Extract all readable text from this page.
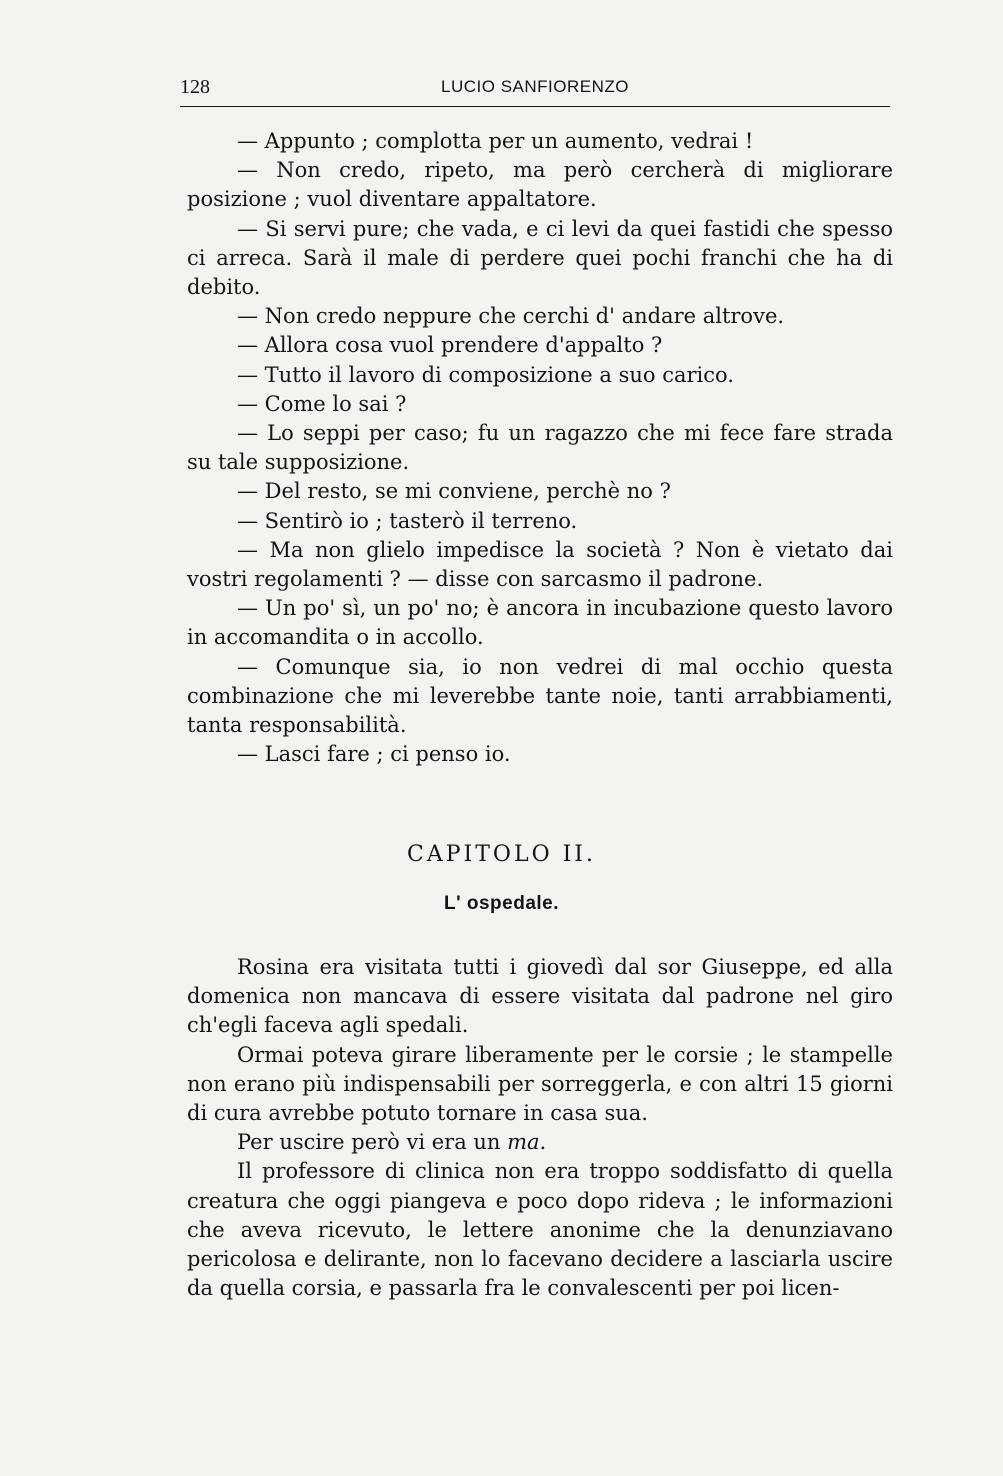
128	LUCIO SANFIORENZO

— Appunto ; complotta per un aumento, vedrai !

— Non credo, ripeto, ma però cercherà di migliorare posizione ; vuol diventare appaltatore.

— Si servi pure; che vada, e ci levi da quei fastidi che spesso ci arreca. Sarà il male di perdere quei pochi franchi che ha di debito.

— Non credo neppure che cerchi d' andare altrove.

— Allora cosa vuol prendere d'appalto ?

— Tutto il lavoro di composizione a suo carico.

— Come lo sai ?

— Lo seppi per caso; fu un ragazzo che mi fece fare strada su tale supposizione.

— Del resto, se mi conviene, perchè no ?

— Sentirò io ; tasterò il terreno.

— Ma non glielo impedisce la società ? Non è vietato dai vostri regolamenti ? — disse con sarcasmo il padrone.

— Un po' sì, un po' no; è ancora in incubazione questo lavoro in accomandita o in accollo.

— Comunque sia, io non vedrei di mal occhio questa combinazione che mi leverebbe tante noie, tanti arrabbiamenti, tanta responsabilità.

— Lasci fare ; ci penso io.

CAPITOLO II.
L' ospedale.

Rosina era visitata tutti i giovedì dal sor Giuseppe, ed alla domenica non mancava di essere visitata dal padrone nel giro ch'egli faceva agli spedali.

Ormai poteva girare liberamente per le corsie ; le stampelle non erano più indispensabili per sorreggerla, e con altri 15 giorni di cura avrebbe potuto tornare in casa sua.

Per uscire però vi era un ma.

Il professore di clinica non era troppo soddisfatto di quella creatura che oggi piangeva e poco dopo rideva ; le informazioni che aveva ricevuto, le lettere anonime che la denunziavano pericolosa e delirante, non lo facevano decidere a lasciarla uscire da quella corsia, e passarla fra le convalescenti per poi licen-
